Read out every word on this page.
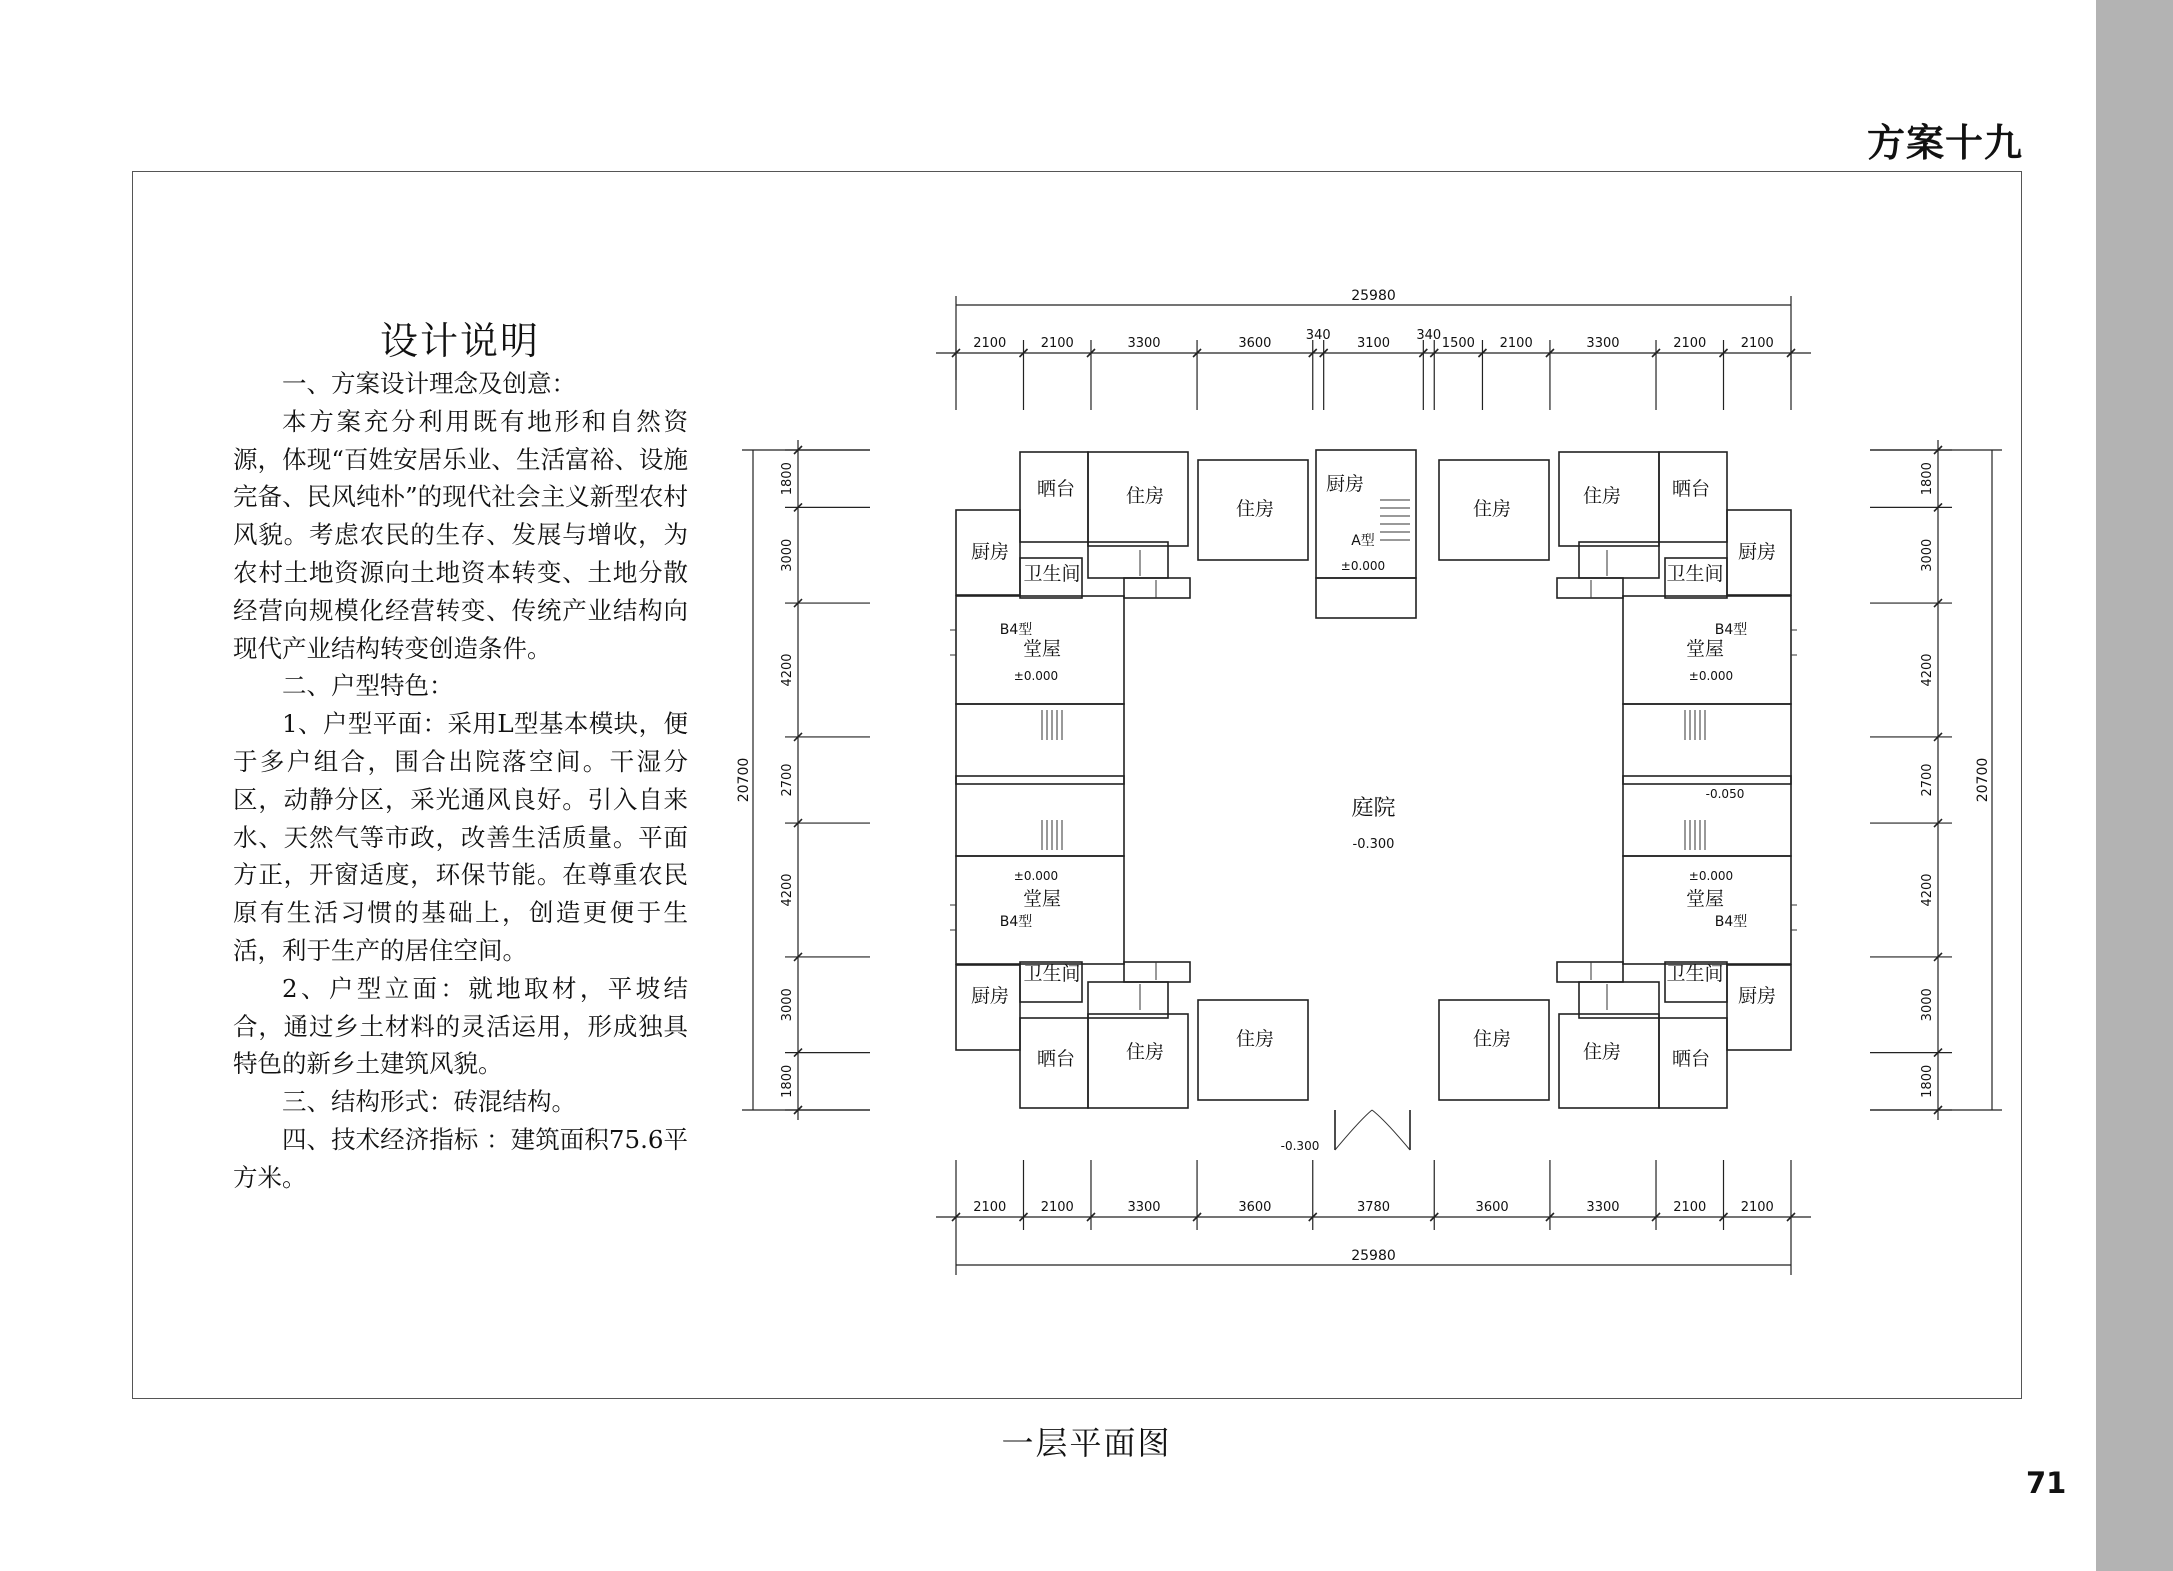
方案十九
设计说明

一、方案设计理念及创意：

本方案充分利用既有地形和自然资源，体现“百姓安居乐业、生活富裕、设施完备、民风纯朴”的现代社会主义新型农村风貌。考虑农民的生存、发展与增收，为农村土地资源向土地资本转变、土地分散经营向规模化经营转变、传统产业结构向现代产业结构转变创造条件。

二、户型特色：

1、户型平面：采用L型基本模块，便于多户组合，围合出院落空间。干湿分区，动静分区，采光通风良好。引入自来水、天然气等市政，改善生活质量。平面方正，开窗适度，环保节能。在尊重农民原有生活习惯的基础上，创造更便于生活，利于生产的居住空间。

2、户型立面：就地取材，平坡结合，通过乡土材料的灵活运用，形成独具特色的新乡土建筑风貌。

三、结构形式：砖混结构。

四、技术经济指标 ：建筑面积75.6平方米。

25980
2100	2100	3300	3600
340
3100
340
1500 2100	3300	2100	2100
2100	2100	3300	3600	3780	3600	3300	2100	2100
25980
20700
1800
3000
4200
2700
4200
3000
1800
20700
1800
3000
4200
2700
4200
3000
1800
晒台	住房
住房
厨房
卫生间
堂屋
B4型
±0.000
晒台
住房
住房
厨房
卫生间
堂屋
B4型
±0.000
晒台	住房
住房
厨房
卫生间
堂屋
B4型
±0.000
晒台
住房
住房
厨房
卫生间
堂屋
B4型
±0.000
厨房
A型
±0.000
庭院
-0.300
-0.050
-0.300
一层平面图
71
